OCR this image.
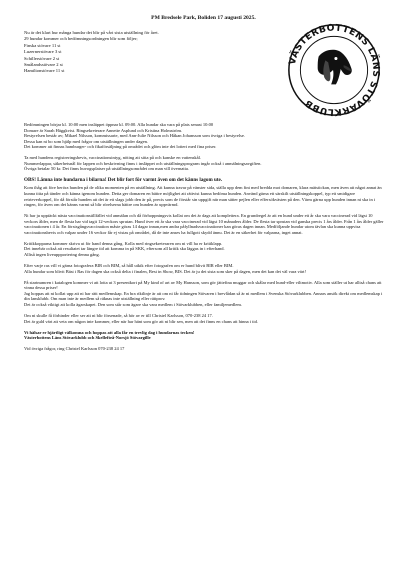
PM Bredsele Park, Boliden 17 augusti 2025.
Nu är det klart hur många hundar det blir på vårt sista utställning för året.
29 hundar kommer och bedömningsordningen blir som följer;
Finska stövare 11 st
Luzernerstövare 3 st
Schillerstövare 2 st
Smålandsstövare 2 st
Hamiltonstövare 11 st
VÄSTERBOTTENS LÄNS STÖVARKLUBB

Bedömningen börjar kl. 10:00 men insläppet öppnar kl. 09:00. Alla hundar ska vara på plats senast 10:00
Domare är Sarah Häggkvist. Ringsekreterare Annette Asplund och Kristina Holmström.
Bestyrelsen består av; Mikael Nilsson, kommissarie, med Ann-Julie Nilsson och Håkan Johansson som övriga i bestyrelse.
Dessa kan ni bo som hjälp med frågor om utställningen under dagen.
Det kommer att finnas hamburger- och fikaförsäljning på området och glöm inte det lotteri med fina priser.

Ta med hundens registreringsbevis, vaccinationsintyg, nöting att sitta på och kanske en vattenskål.
Nummerlappar, säkerhetsnål för lappen och beskrivning finns i insläppet och utställningsprogram ingår också i anmälningsavgiften.
Övriga betalar 50 kr. Det finns huvogsplatser på utställningsområdet om man vill övernatta.

OBS! Lämna inte hundarna i bilarna! Det blir fort för varmt även om det känns lagom ute.

Kom ihåg att före beröra hunden på de olika momenten på en utställning. Att kunna travar på vänster sida, ställa upp dem fint med bredda mot domaren, klara mätstickan, men även att något annat än kunna titta på tänder och känna igenom hunden. Detta ger domaren en bättre möjlighet att rättvist kunna bedöma hunden. Använd gärna ett särskilt utställningskoppel, typ ett smidigare retrieverkoppel, för då förstår hunden att det är ett slags jobb den är på, precis som de förstår sin uppgift när man sätter pejlen eller effersökvästen på den. Värm gärna upp hunden innan ni ska in i ringen, för även om det känns varmt så blir rörelserna bättre om hunden är uppvärmd.

Ni har ju upptäckt nästa vaccinationstillfället vid anmälan och då förhoppningsvis kollat om det är dags att komplettera. En grundregel är att en hund under ett år ska vara vaccinerad vid lägst 10 veckors ålder, men de flesta har vid tagit 12-veckors sprutan. Hund över ett år ska vara vaccinerad vid lägst 10 månaders ålder. De flesta tar sprutan vid ganska precis 1 års ålder. Från 1 års ålder gäller vaccinationen i 4 år. En förstsgångsvaccination måste göras 14 dagar innan,men andra påfyllnadsvaccinationer kan göras dagen innan. Medföljande hundar utom tävlan ska kunna uppvisa vaccinationsbevis och valpar under 16 veckor får ej vistas på området, då de inte anses ha fullgott skydd ännu. Det är en säkerhet för valparna, inget annat.

Kritikkopparna kommer skriva ut för hand denna gång. Kolla med ringsekreteraren om ni vill ha er kritiklapp.
Det innebär också att resultatet tar längre tid att komma in på SKK, eftersom all kritik ska läggas in i efterhand.
Alltså ingen liveuppportering denna gång.

Efter varje ras vill vi gärna fotografera BIR och BIM, så håll utkik efter fotografen om er hund blivit BIR eller BIM.
Alla hundar som blivit Bäst i Ras för dagen ska också delta i finalen, Best in Show, BIS. Det är ju det sista som sker på dagen, men det kan det väl vara värt!

På startnumren i katalogen kommer vi att lotta ut 3 presentkort på My kind of art av My Hansson, som gör jättefina muggar och skålar med hund-eller viltmotiv. Alla som ställer ut har alltså chans att vinna dessa priser!
Jag hoppas att ni kollat upp att ni har rätt medlemskap. En bra riktlinje är att om ni får tidningen Stövaren i brevlådan så är ni medlem i Svenska Stövarklubben. Annars ansök direkt om medlemskap i din lansklubb. Om man inte är medlem så räknas inte utställning eller rättprov.
Det är också viktigt att kolla ägarskapet. Den som står som ägare ska vara medlem i Stövarklubben, eller familjemedlem.

Om ni skulle få förhinder eller ser att ni blir försenade, så hör av er till Christel Karlsson, 070-238 24 17.
Det är guld värt att veta om någon inte kommer, eller när har hänt som gör att ni blir sen, men att det finns en chans att hinna i tid.

Vi hälsar er hjärtligt välkomna och hoppas att alla får en trevlig dag i hundarnas tecken!
Västerbottens Läns Stövarklubb och Skellefteå-Norsjö Stövargille

Vid övriga frågor, ring Christel Karlsson 070-238 24 17
